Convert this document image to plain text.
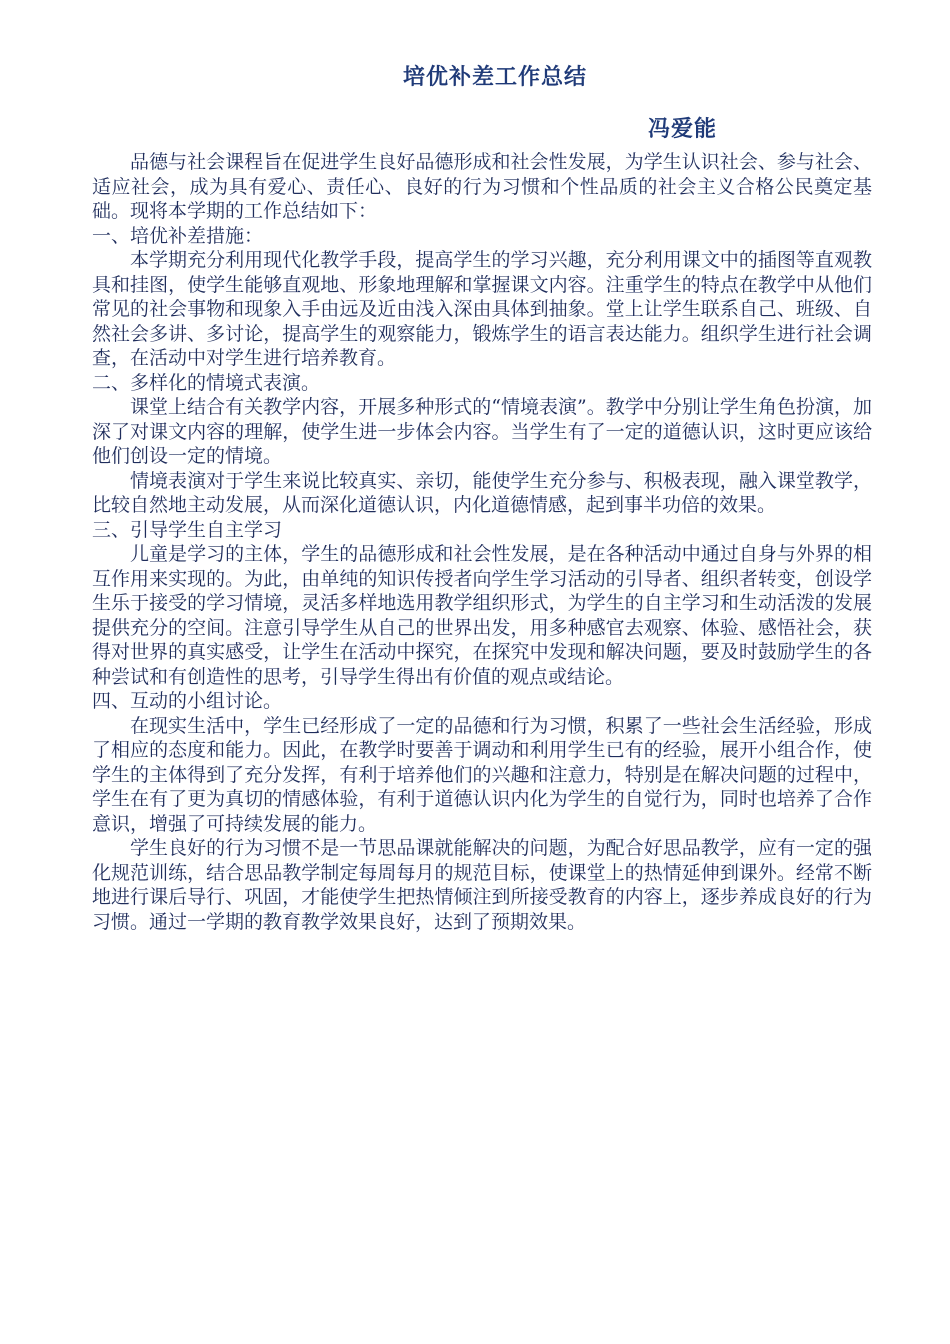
培优补差工作总结
冯爱能

品德与社会课程旨在促进学生良好品德形成和社会性发展，为学生认识社会、参与社会、适应社会，成为具有爱心、责任心、良好的行为习惯和个性品质的社会主义合格公民奠定基础。现将本学期的工作总结如下：

一、培优补差措施：

本学期充分利用现代化教学手段，提高学生的学习兴趣，充分利用课文中的插图等直观教具和挂图，使学生能够直观地、形象地理解和掌握课文内容。注重学生的特点在教学中从他们常见的社会事物和现象入手由远及近由浅入深由具体到抽象。堂上让学生联系自己、班级、自然社会多讲、多讨论，提高学生的观察能力，锻炼学生的语言表达能力。组织学生进行社会调查，在活动中对学生进行培养教育。

二、多样化的情境式表演。

课堂上结合有关教学内容，开展多种形式的“情境表演”。教学中分别让学生角色扮演，加深了对课文内容的理解，使学生进一步体会内容。当学生有了一定的道德认识，这时更应该给他们创设一定的情境。

情境表演对于学生来说比较真实、亲切，能使学生充分参与、积极表现，融入课堂教学，比较自然地主动发展，从而深化道德认识，内化道德情感，起到事半功倍的效果。

三、引导学生自主学习

儿童是学习的主体，学生的品德形成和社会性发展，是在各种活动中通过自身与外界的相互作用来实现的。为此，由单纯的知识传授者向学生学习活动的引导者、组织者转变，创设学生乐于接受的学习情境，灵活多样地选用教学组织形式，为学生的自主学习和生动活泼的发展提供充分的空间。注意引导学生从自己的世界出发，用多种感官去观察、体验、感悟社会，获得对世界的真实感受，让学生在活动中探究，在探究中发现和解决问题，要及时鼓励学生的各种尝试和有创造性的思考，引导学生得出有价值的观点或结论。

四、互动的小组讨论。

在现实生活中，学生已经形成了一定的品德和行为习惯，积累了一些社会生活经验，形成了相应的态度和能力。因此，在教学时要善于调动和利用学生已有的经验，展开小组合作，使学生的主体得到了充分发挥，有利于培养他们的兴趣和注意力，特别是在解决问题的过程中，学生在有了更为真切的情感体验，有利于道德认识内化为学生的自觉行为，同时也培养了合作意识，增强了可持续发展的能力。

学生良好的行为习惯不是一节思品课就能解决的问题，为配合好思品教学，应有一定的强化规范训练，结合思品教学制定每周每月的规范目标，使课堂上的热情延伸到课外。经常不断地进行课后导行、巩固，才能使学生把热情倾注到所接受教育的内容上，逐步养成良好的行为习惯。通过一学期的教育教学效果良好，达到了预期效果。
